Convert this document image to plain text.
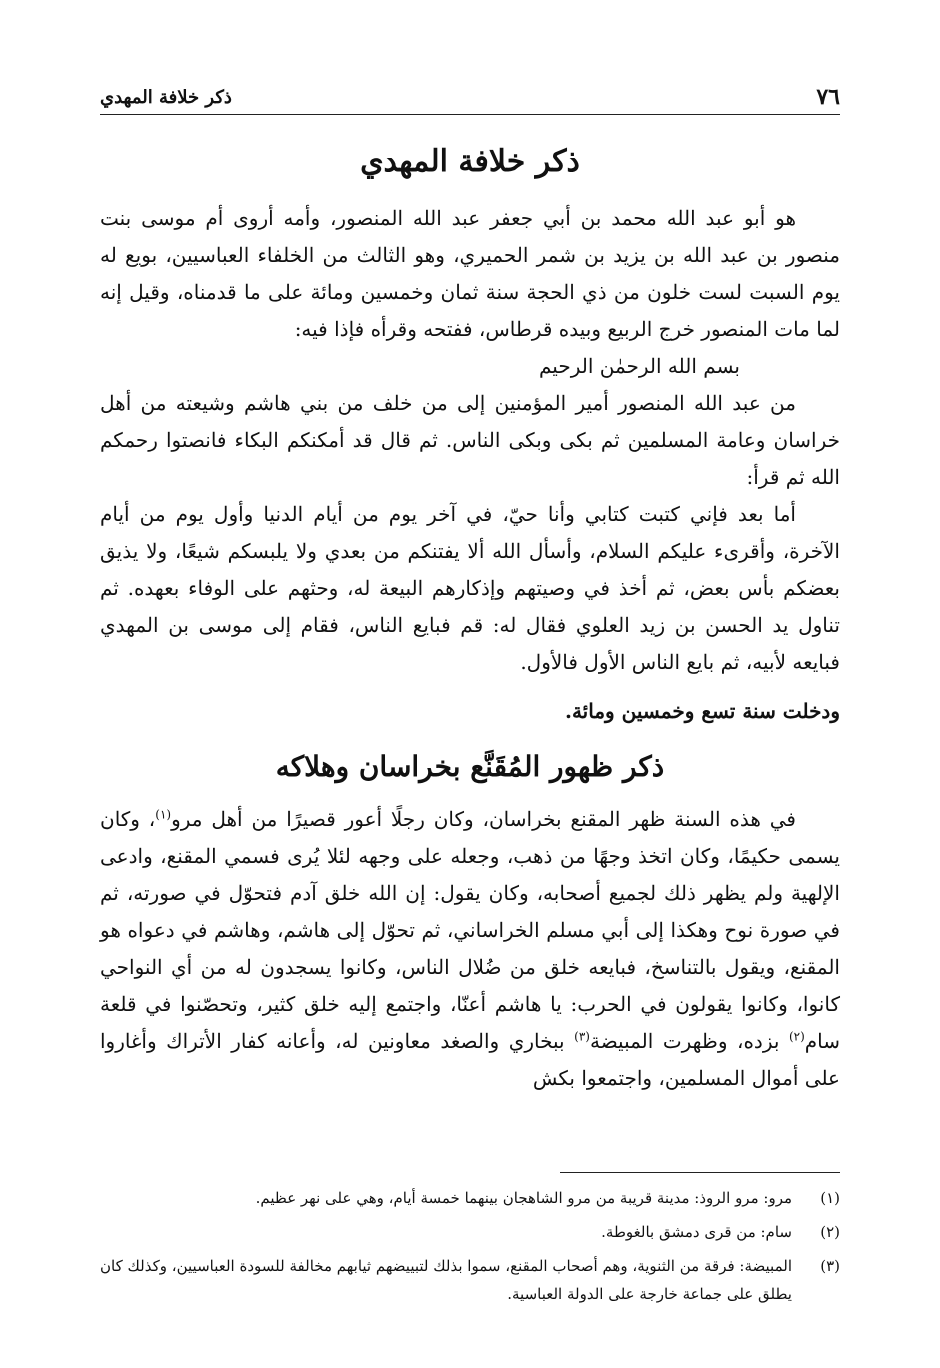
٧٦
ذكر خلافة المهدي
ذكر خلافة المهدي

هو أبو عبد الله محمد بن أبي جعفر عبد الله المنصور، وأمه أروى أم موسى بنت منصور بن عبد الله بن يزيد بن شمر الحميري، وهو الثالث من الخلفاء العباسيين، بويع له يوم السبت لست خلون من ذي الحجة سنة ثمان وخمسين ومائة على ما قدمناه، وقيل إنه لما مات المنصور خرج الربيع وبيده قرطاس، ففتحه وقرأه فإذا فيه:

بسم الله الرحمٰن الرحيم

من عبد الله المنصور أمير المؤمنين إلى من خلف من بني هاشم وشيعته من أهل خراسان وعامة المسلمين ثم بكى وبكى الناس. ثم قال قد أمكنكم البكاء فانصتوا رحمكم الله ثم قرأ:

أما بعد فإني كتبت كتابي وأنا حيّ، في آخر يوم من أيام الدنيا وأول يوم من أيام الآخرة، وأقرىء عليكم السلام، وأسأل الله ألا يفتنكم من بعدي ولا يلبسكم شيعًا، ولا يذيق بعضكم بأس بعض، ثم أخذ في وصيتهم وإذكارهم البيعة له، وحثهم على الوفاء بعهده. ثم تناول يد الحسن بن زيد العلوي فقال له: قم فبايع الناس، فقام إلى موسى بن المهدي فبايعه لأبيه، ثم بايع الناس الأول فالأول.

ودخلت سنة تسع وخمسين ومائة.

ذكر ظهور المُقَنَّع بخراسان وهلاكه

في هذه السنة ظهر المقنع بخراسان، وكان رجلًا أعور قصيرًا من أهل مرو$^{(١)}$، وكان يسمى حكيمًا، وكان اتخذ وجهًا من ذهب، وجعله على وجهه لئلا يُرى فسمي المقنع، وادعى الإلهية ولم يظهر ذلك لجميع أصحابه، وكان يقول: إن الله خلق آدم فتحوّل في صورته، ثم في صورة نوح وهكذا إلى أبي مسلم الخراساني، ثم تحوّل إلى هاشم، وهاشم في دعواه هو المقنع، ويقول بالتناسخ، فبايعه خلق من ضُلال الناس، وكانوا يسجدون له من أي النواحي كانوا، وكانوا يقولون في الحرب: يا هاشم أعنّا، واجتمع إليه خلق كثير، وتحصّنوا في قلعة سام$^{(٢)}$ بزده، وظهرت المبيضة$^{(٣)}$ ببخاري والصغد معاونين له، وأعانه كفار الأتراك وأغاروا على أموال المسلمين، واجتمعوا بكش

(١)
مرو: مرو الروذ: مدينة قريبة من مرو الشاهجان بينهما خمسة أيام، وهي على نهر عظيم.
(٢)
سام: من قرى دمشق بالغوطة.
(٣)
المبيضة: فرقة من الثنوية، وهم أصحاب المقنع، سموا بذلك لتبييضهم ثيابهم مخالفة للسودة العباسيين، وكذلك كان يطلق على جماعة خارجة على الدولة العباسية.
